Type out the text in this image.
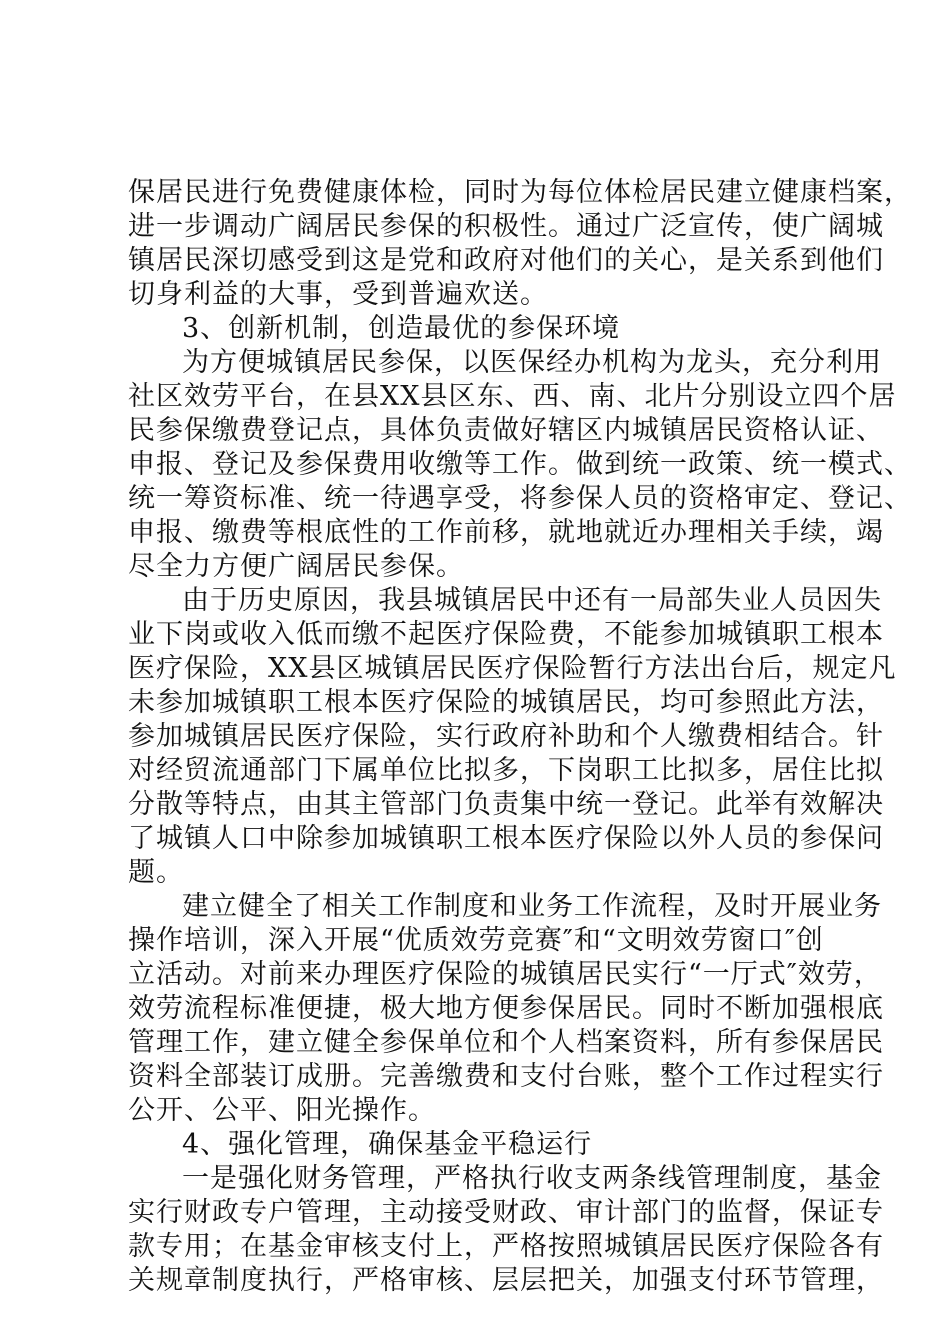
保居民进行免费健康体检，同时为每位体检居民建立健康档案，
进一步调动广阔居民参保的积极性。通过广泛宣传，使广阔城
镇居民深切感受到这是党和政府对他们的关心，是关系到他们
切身利益的大事，受到普遍欢送。
3、创新机制，创造最优的参保环境
为方便城镇居民参保，以医保经办机构为龙头，充分利用
社区效劳平台，在县XX县区东、西、南、北片分别设立四个居
民参保缴费登记点，具体负责做好辖区内城镇居民资格认证、
申报、登记及参保费用收缴等工作。做到统一政策、统一模式、
统一筹资标准、统一待遇享受，将参保人员的资格审定、登记、
申报、缴费等根底性的工作前移，就地就近办理相关手续，竭
尽全力方便广阔居民参保。
由于历史原因，我县城镇居民中还有一局部失业人员因失
业下岗或收入低而缴不起医疗保险费，不能参加城镇职工根本
医疗保险，XX县区城镇居民医疗保险暂行方法出台后，规定凡
未参加城镇职工根本医疗保险的城镇居民，均可参照此方法，
参加城镇居民医疗保险，实行政府补助和个人缴费相结合。针
对经贸流通部门下属单位比拟多，下岗职工比拟多，居住比拟
分散等特点，由其主管部门负责集中统一登记。此举有效解决
了城镇人口中除参加城镇职工根本医疗保险以外人员的参保问
题。
建立健全了相关工作制度和业务工作流程，及时开展业务
操作培训，深入开展“优质效劳竞赛″和“文明效劳窗口″创
立活动。对前来办理医疗保险的城镇居民实行“一厅式″效劳，
效劳流程标准便捷，极大地方便参保居民。同时不断加强根底
管理工作，建立健全参保单位和个人档案资料，所有参保居民
资料全部装订成册。完善缴费和支付台账，整个工作过程实行
公开、公平、阳光操作。
4、强化管理，确保基金平稳运行
一是强化财务管理，严格执行收支两条线管理制度，基金
实行财政专户管理，主动接受财政、审计部门的监督，保证专
款专用；在基金审核支付上，严格按照城镇居民医疗保险各有
关规章制度执行，严格审核、层层把关，加强支付环节管理，
